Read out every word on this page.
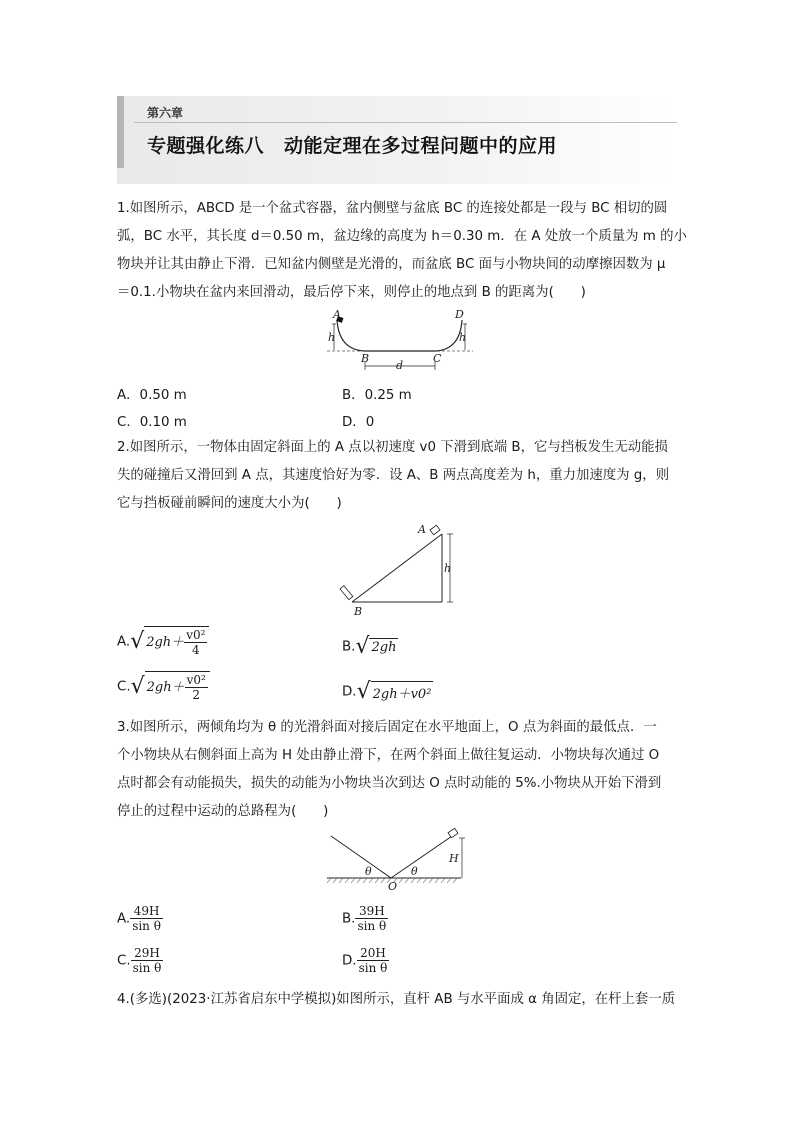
第六章
专题强化练八 动能定理在多过程问题中的应用
1.如图所示，ABCD 是一个盆式容器，盆内侧壁与盆底 BC 的连接处都是一段与 BC 相切的圆
弧，BC 水平，其长度 d＝0.50 m，盆边缘的高度为 h＝0.30 m．在 A 处放一个质量为 m 的小
物块并让其由静止下滑．已知盆内侧壁是光滑的，而盆底 BC 面与小物块间的动摩擦因数为 μ
＝0.1.小物块在盆内来回滑动，最后停下来，则停止的地点到 B 的距离为(　　)
A
h
B	C
D
h
d
A．0.50 m	B．0.25 m
C．0.10 m	D．0
2.如图所示，一物体由固定斜面上的 A 点以初速度 v0 下滑到底端 B，它与挡板发生无动能损
失的碰撞后又滑回到 A 点，其速度恰好为零．设 A、B 两点高度差为 h，重力加速度为 g，则
它与挡板碰前瞬间的速度大小为(　　)
A
B
h
A.√ $2gh+ \frac{\text{v0²}}{4}$	B.√ 2gh
C.√ $2gh+ \frac{\text{v0²}}{2}$	D.√ 2gh＋v0²
3.如图所示，两倾角均为 θ 的光滑斜面对接后固定在水平地面上，O 点为斜面的最低点．一
个小物块从右侧斜面上高为 H 处由静止滑下，在两个斜面上做往复运动．小物块每次通过 O
点时都会有动能损失，损失的动能为小物块当次到达 O 点时动能的 5%.小物块从开始下滑到
停止的过程中运动的总路程为(　　)
θ	θ
O
H
A. $\frac{49H}{\text{sin θ}}$	B. $\frac{39H}{\text{sin θ}}$
C. $\frac{29H}{\text{sin θ}}$	D. $\frac{20H}{\text{sin θ}}$
4.(多选)(2023·江苏省启东中学模拟)如图所示，直杆 AB 与水平面成 α 角固定，在杆上套一质
